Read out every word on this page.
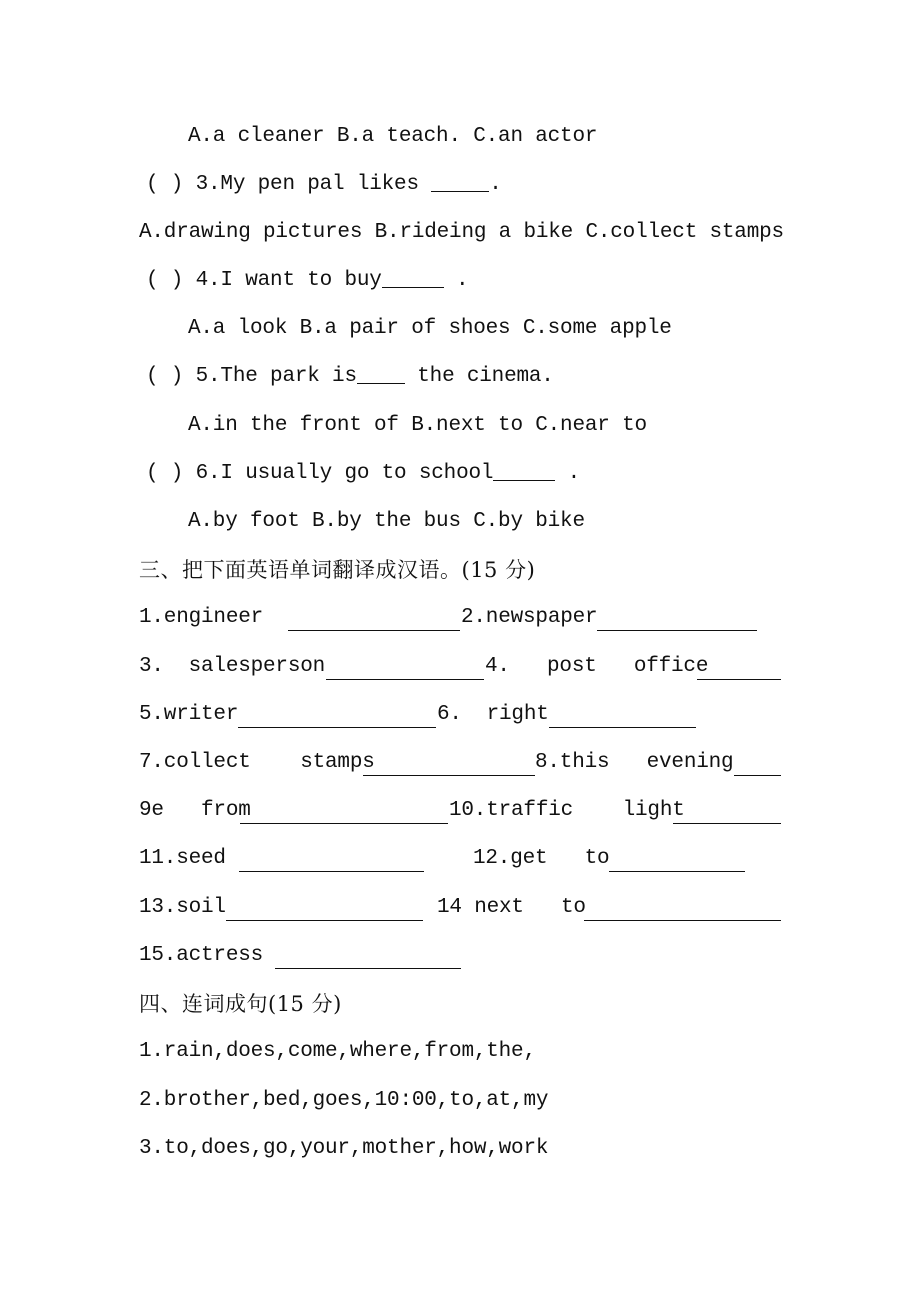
A.a cleaner B.a teach. C.an actor
( ) 3.My pen pal likes	.
A.drawing pictures B.rideing a bike C.collect stamps
( ) 4.I want to buy	.
A.a look B.a pair of shoes C.some apple
( ) 5.The park is the cinema.
A.in the front of B.next to C.near to
( ) 6.I usually go to school	.
A.by foot B.by the bus C.by bike
三、把下面英语单词翻译成汉语。(15 分)
1.engineer	2.newspaper
3.  salesperson	4.   post   office
5.writer	6.  right
7.collect    stamps	8.this   evening
9e   from	10.traffic    light
11.seed	12.get   to
13.soil	14 next   to
15.actress
四、连词成句(15 分)
1.rain,does,come,where,from,the,
2.brother,bed,goes,10:00,to,at,my
3.to,does,go,your,mother,how,work
